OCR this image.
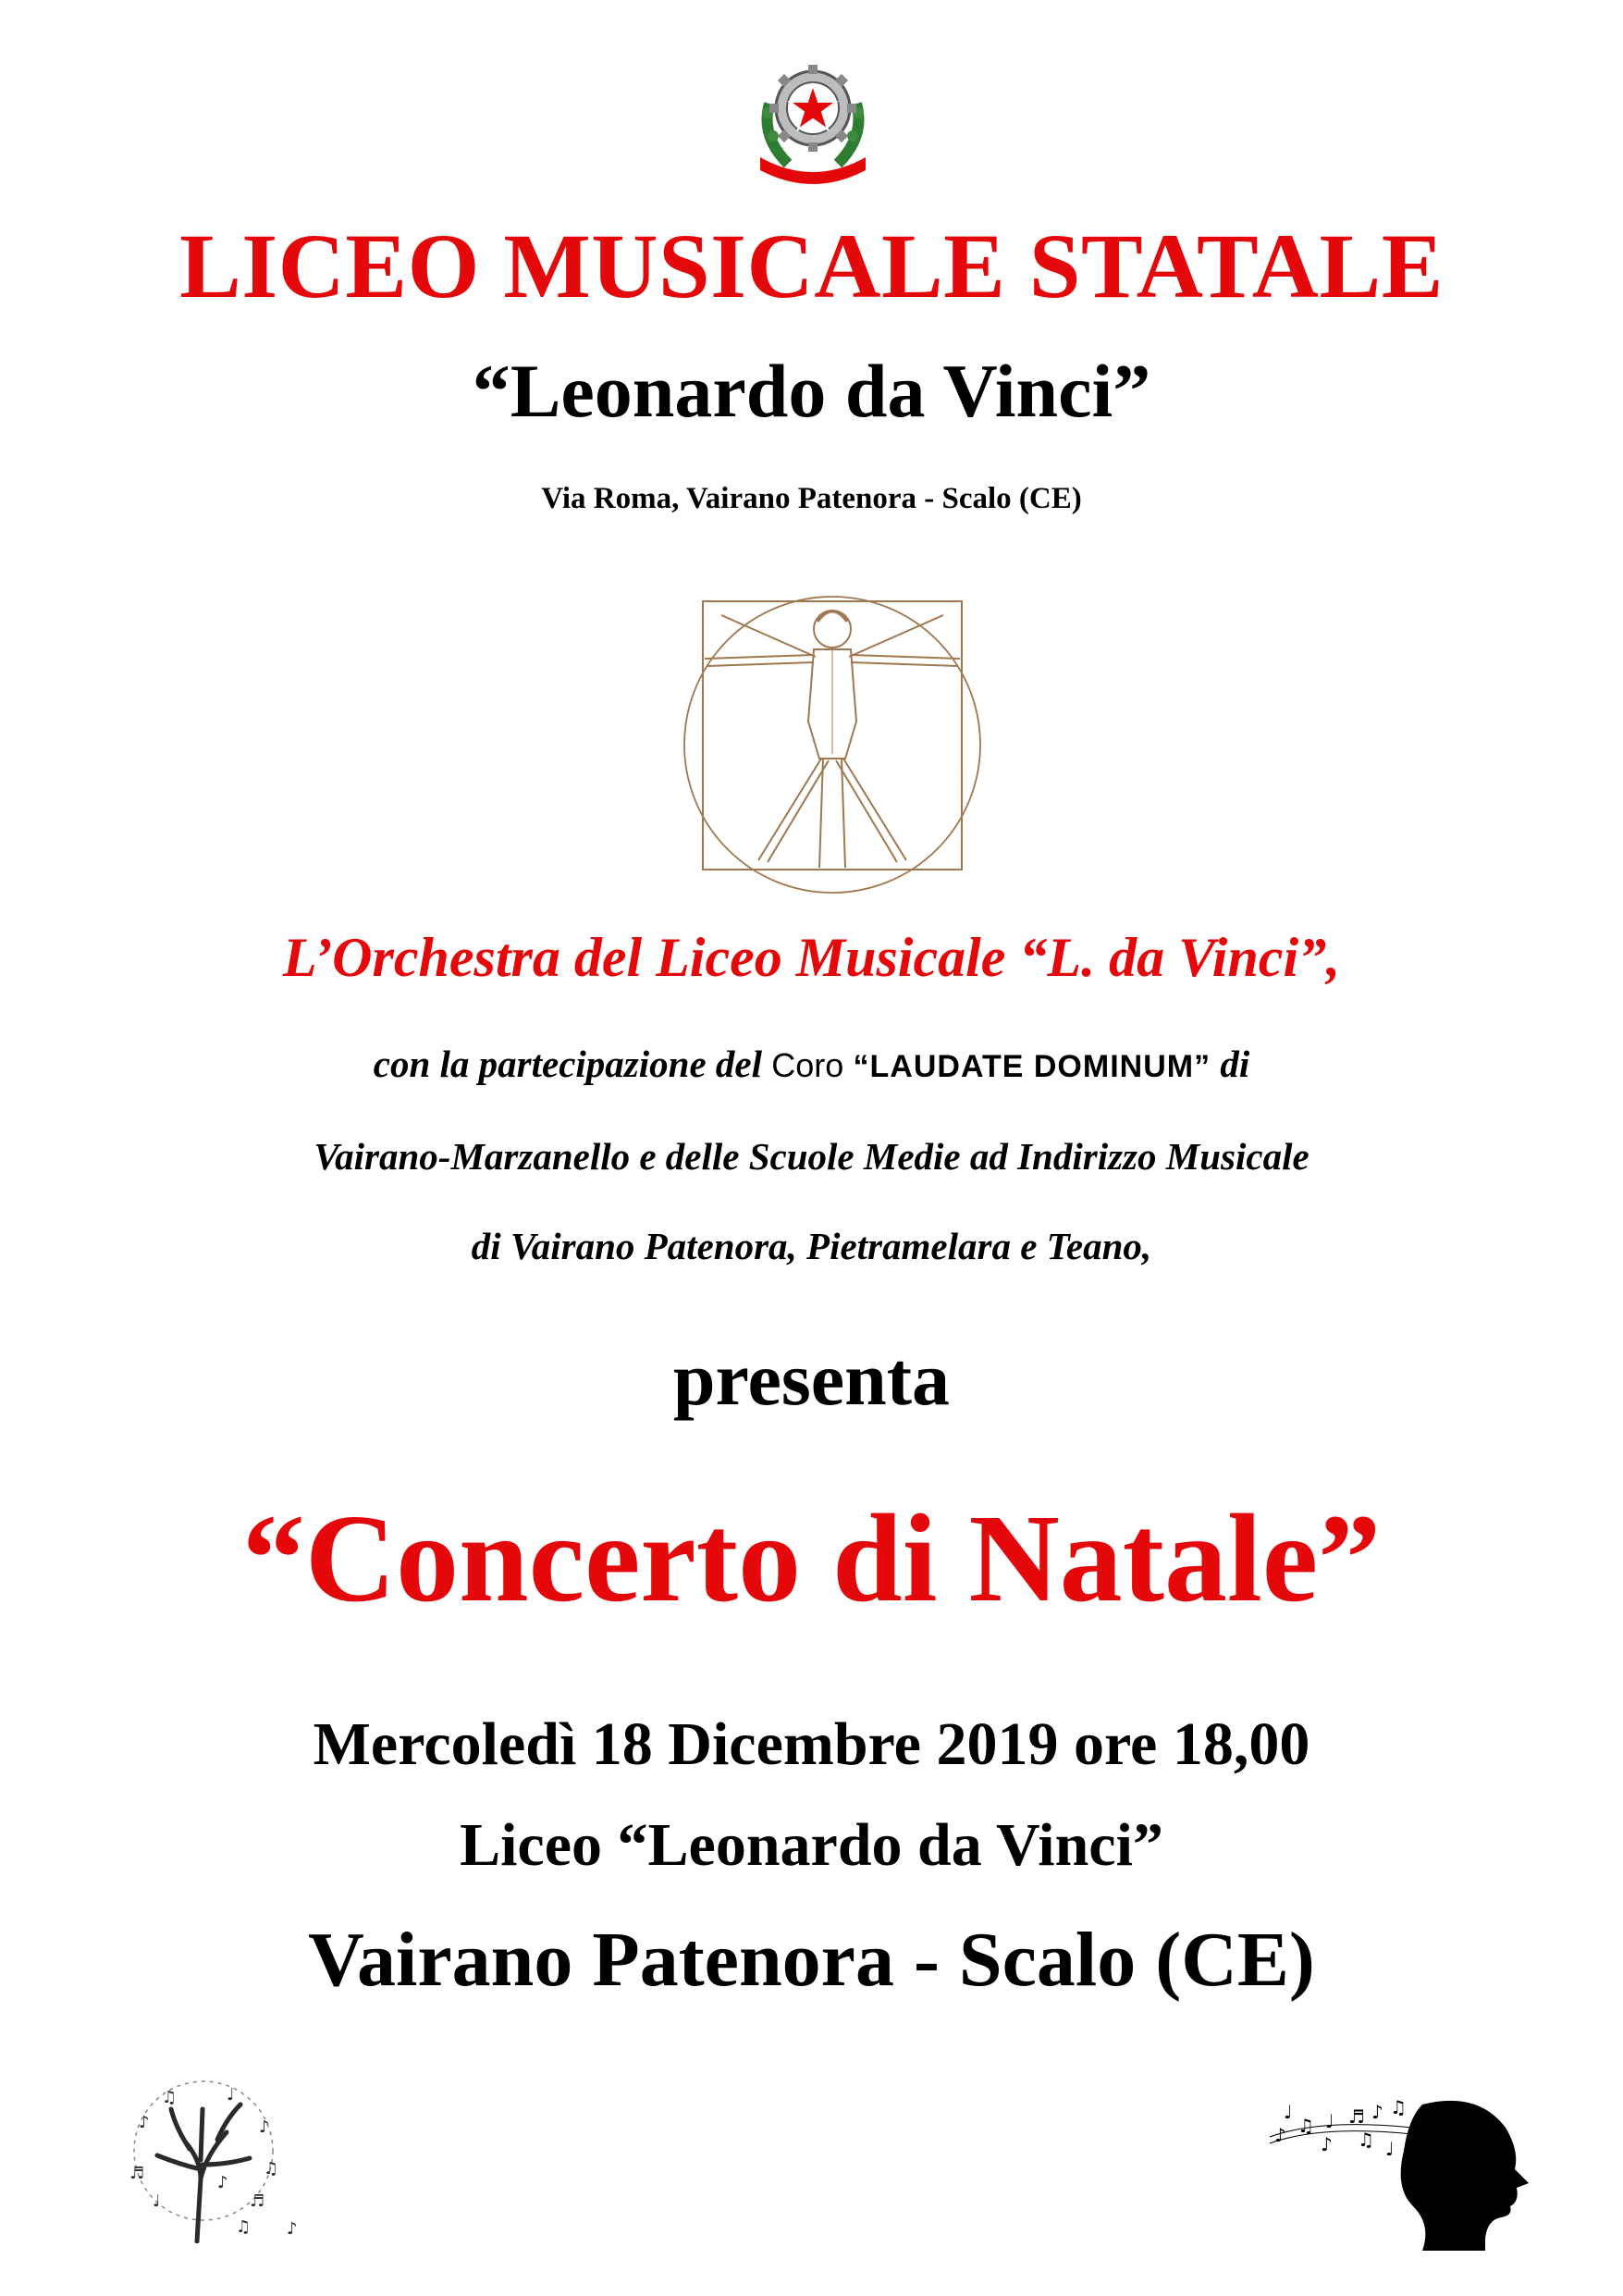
LICEO MUSICALE STATALE
“Leonardo da Vinci”
Via Roma, Vairano Patenora - Scalo (CE)
L’Orchestra del Liceo Musicale “L. da Vinci”,
con la partecipazione del Coro “LAUDATE DOMINUM” di
Vairano-Marzanello e delle Scuole Medie ad Indirizzo Musicale
di Vairano Patenora, Pietramelara e Teano,
presenta
“Concerto di Natale”
Mercoledì 18 Dicembre 2019 ore 18,00
Liceo “Leonardo da Vinci”
Vairano Patenora - Scalo (CE)
♪
♫	♩
♪
♫
♬	♪
♩	♬
♪
♫
♪ ♫ ♩ ♬ ♪ ♫
♪ ♫ ♩
♩
